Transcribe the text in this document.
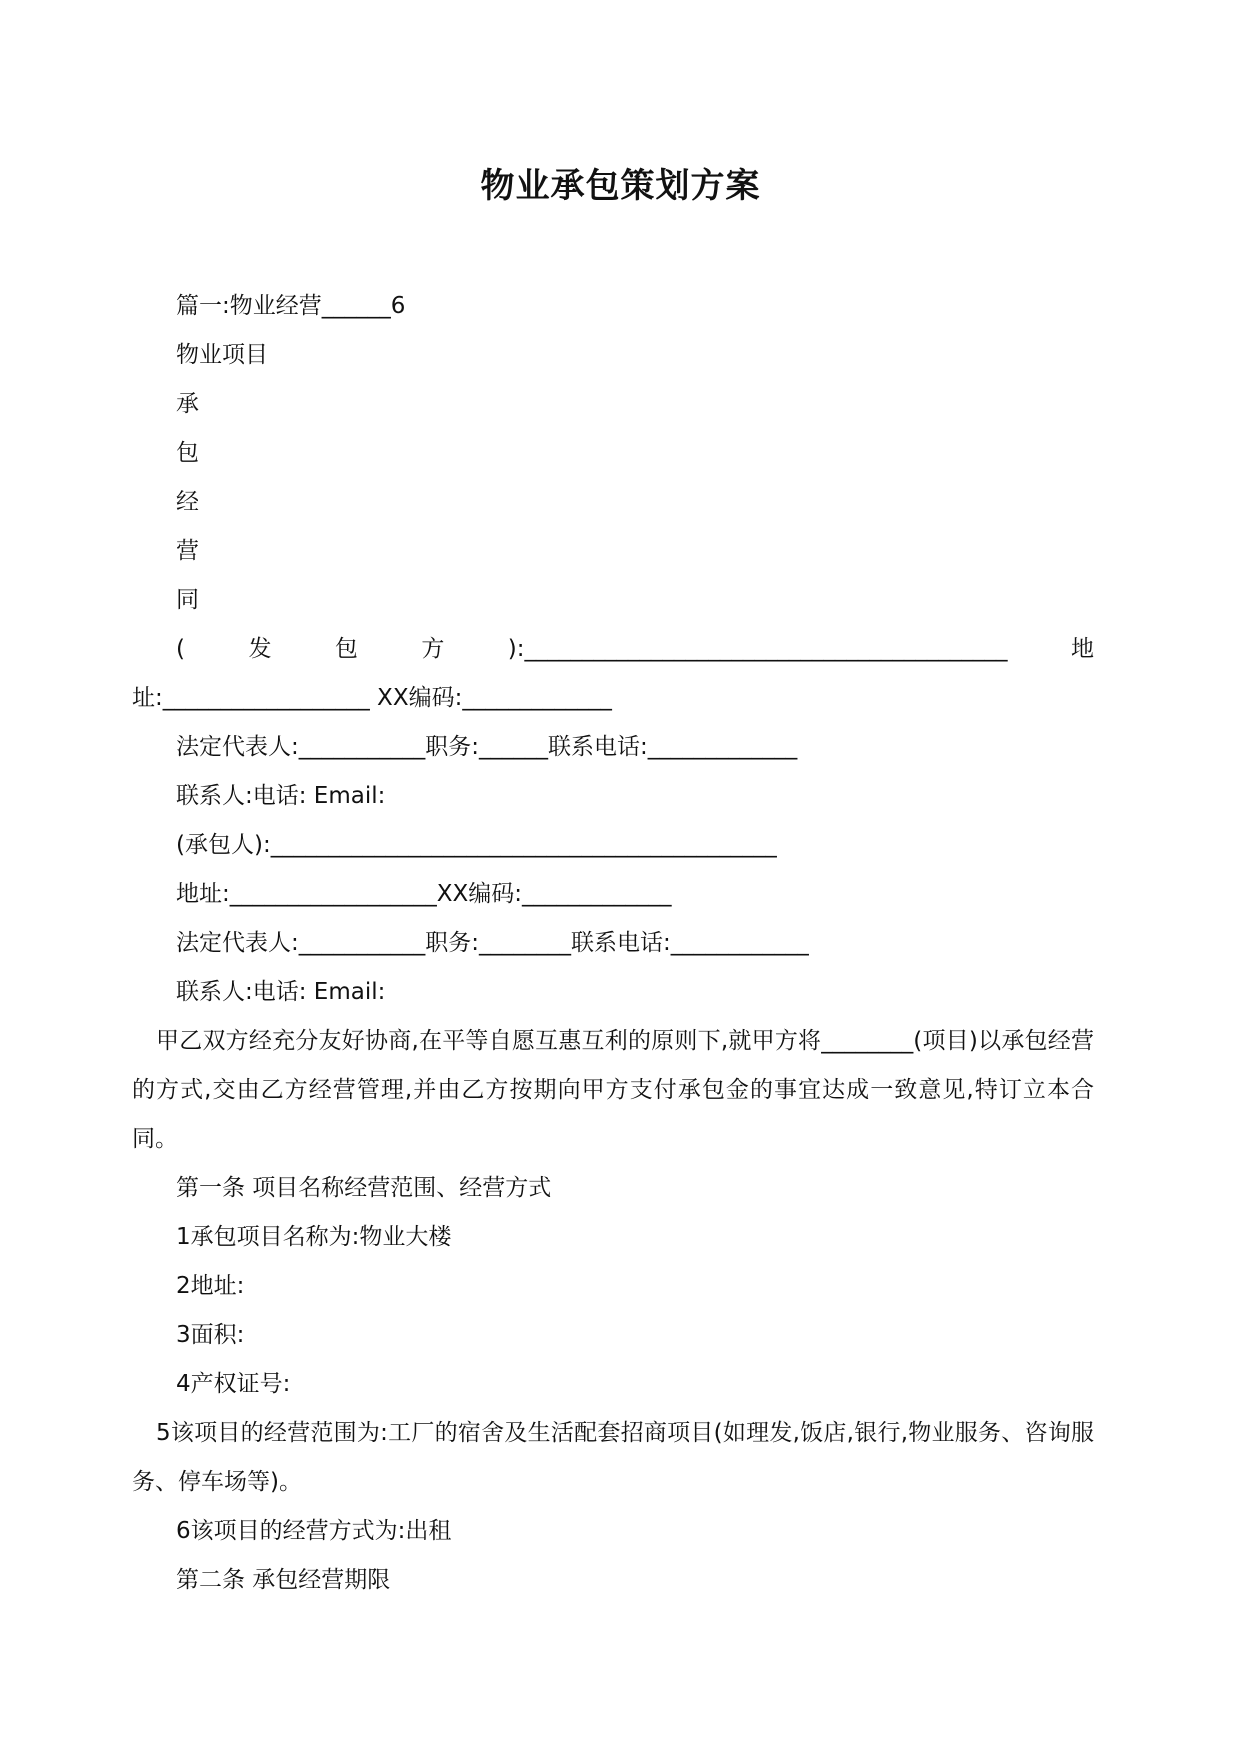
物业承包策划方案

篇一:物业经营______6

物业项目

承

包

经

营

同

(	发	包	方	):__________________________________________	地

址:__________________ XX编码:_____________

法定代表人:___________职务:______联系电话:_____________

联系人:电话: Email:

(承包人):____________________________________________

地址:__________________XX编码:_____________

法定代表人:___________职务:________联系电话:____________

联系人:电话: Email:

甲乙双方经充分友好协商,在平等自愿互惠互利的原则下,就甲方将________(项目)以承包经营的方式,交由乙方经营管理,并由乙方按期向甲方支付承包金的事宜达成一致意见,特订立本合同。

第一条 项目名称经营范围、经营方式

1承包项目名称为:物业大楼

2地址:

3面积:

4产权证号:

5该项目的经营范围为:工厂的宿舍及生活配套招商项目(如理发,饭店,银行,物业服务、咨询服务、停车场等)。

6该项目的经营方式为:出租

第二条 承包经营期限
